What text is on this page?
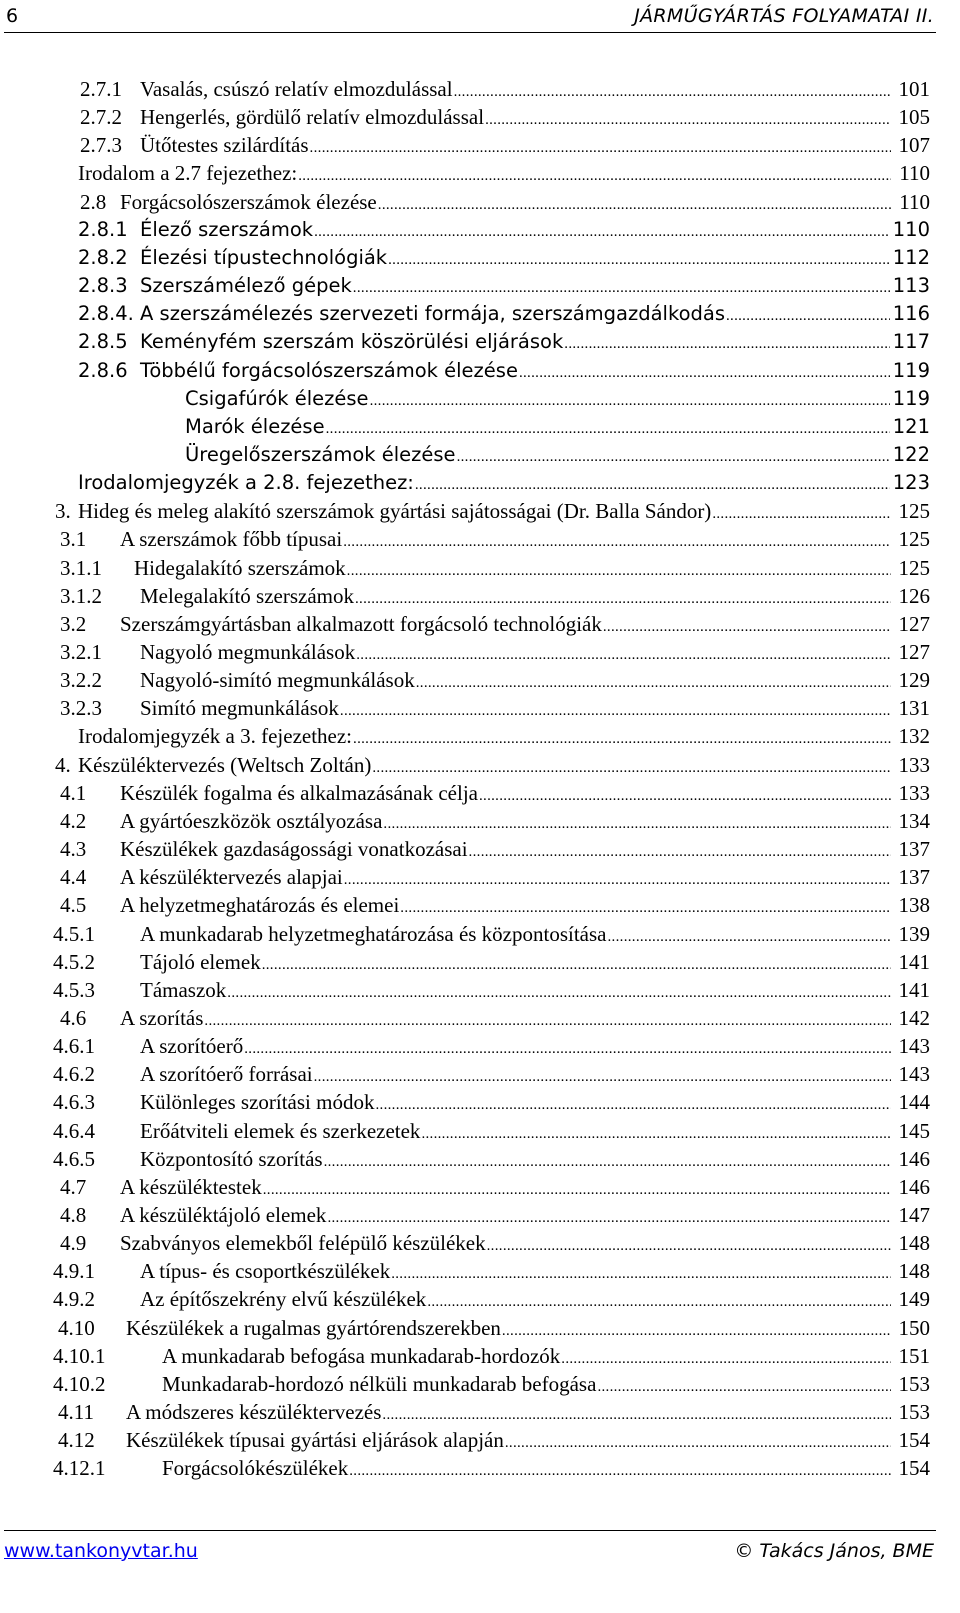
6	JÁRMŰGYÁRTÁS FOLYAMATAI II.
2.7.1 Vasalás, csúszó relatív elmozdulással .....	101
2.7.2 Hengerlés, gördülő relatív elmozdulással .....	105
2.7.3 Ütőtestes szilárdítás .....	107
Irodalom a 2.7 fejezethez: .....	110
2.8 Forgácsolószerszámok élezése .....	110
2.8.1 Élező szerszámok .....	110
2.8.2 Élezési típustechnológiák .....	112
2.8.3 Szerszámélező gépek .....	113
2.8.4. A szerszámélezés szervezeti formája, szerszámgazdálkodás .....	116
2.8.5 Keményfém szerszám köszörülési eljárások .....	117
2.8.6 Többélű forgácsolószerszámok élezése .....	119
Csigafúrók élezése .....	119
Marók élezése .....	121
Üregelőszerszámok élezése .....	122
Irodalomjegyzék a 2.8. fejezethez: .....	123
3. Hideg és meleg alakító szerszámok gyártási sajátosságai (Dr. Balla Sándor) .....	125
3.1	A szerszámok főbb típusai .....	125
3.1.1	Hidegalakító szerszámok .....	125
3.1.2	Melegalakító szerszámok .....	126
3.2	Szerszámgyártásban alkalmazott forgácsoló technológiák .....	127
3.2.1	Nagyoló megmunkálások .....	127
3.2.2	Nagyoló-simító megmunkálások .....	129
3.2.3	Simító megmunkálások .....	131
Irodalomjegyzék a 3. fejezethez: .....	132
4. Készüléktervezés (Weltsch Zoltán) .....	133
4.1	Készülék fogalma és alkalmazásának célja .....	133
4.2	A gyártóeszközök osztályozása .....	134
4.3	Készülékek gazdaságossági vonatkozásai .....	137
4.4	A készüléktervezés alapjai .....	137
4.5	A helyzetmeghatározás és elemei .....	138
4.5.1	A munkadarab helyzetmeghatározása és központosítása .....	139
4.5.2	Tájoló elemek .....	141
4.5.3	Támaszok .....	141
4.6	A szorítás .....	142
4.6.1	A szorítóerő .....	143
4.6.2	A szorítóerő forrásai .....	143
4.6.3	Különleges szorítási módok .....	144
4.6.4	Erőátviteli elemek és szerkezetek .....	145
4.6.5	Központosító szorítás .....	146
4.7	A készüléktestek .....	146
4.8	A készüléktájoló elemek .....	147
4.9	Szabványos elemekből felépülő készülékek .....	148
4.9.1	A típus- és csoportkészülékek .....	148
4.9.2	Az építőszekrény elvű készülékek .....	149
4.10	Készülékek a rugalmas gyártórendszerekben .....	150
4.10.1	A munkadarab befogása munkadarab-hordozók .....	151
4.10.2	Munkadarab-hordozó nélküli munkadarab befogása .....	153
4.11	A módszeres készüléktervezés .....	153
4.12	Készülékek típusai gyártási eljárások alapján .....	154
4.12.1	Forgácsolókészülékek .....	154
www.tankonyvtar.hu	© Takács János, BME
